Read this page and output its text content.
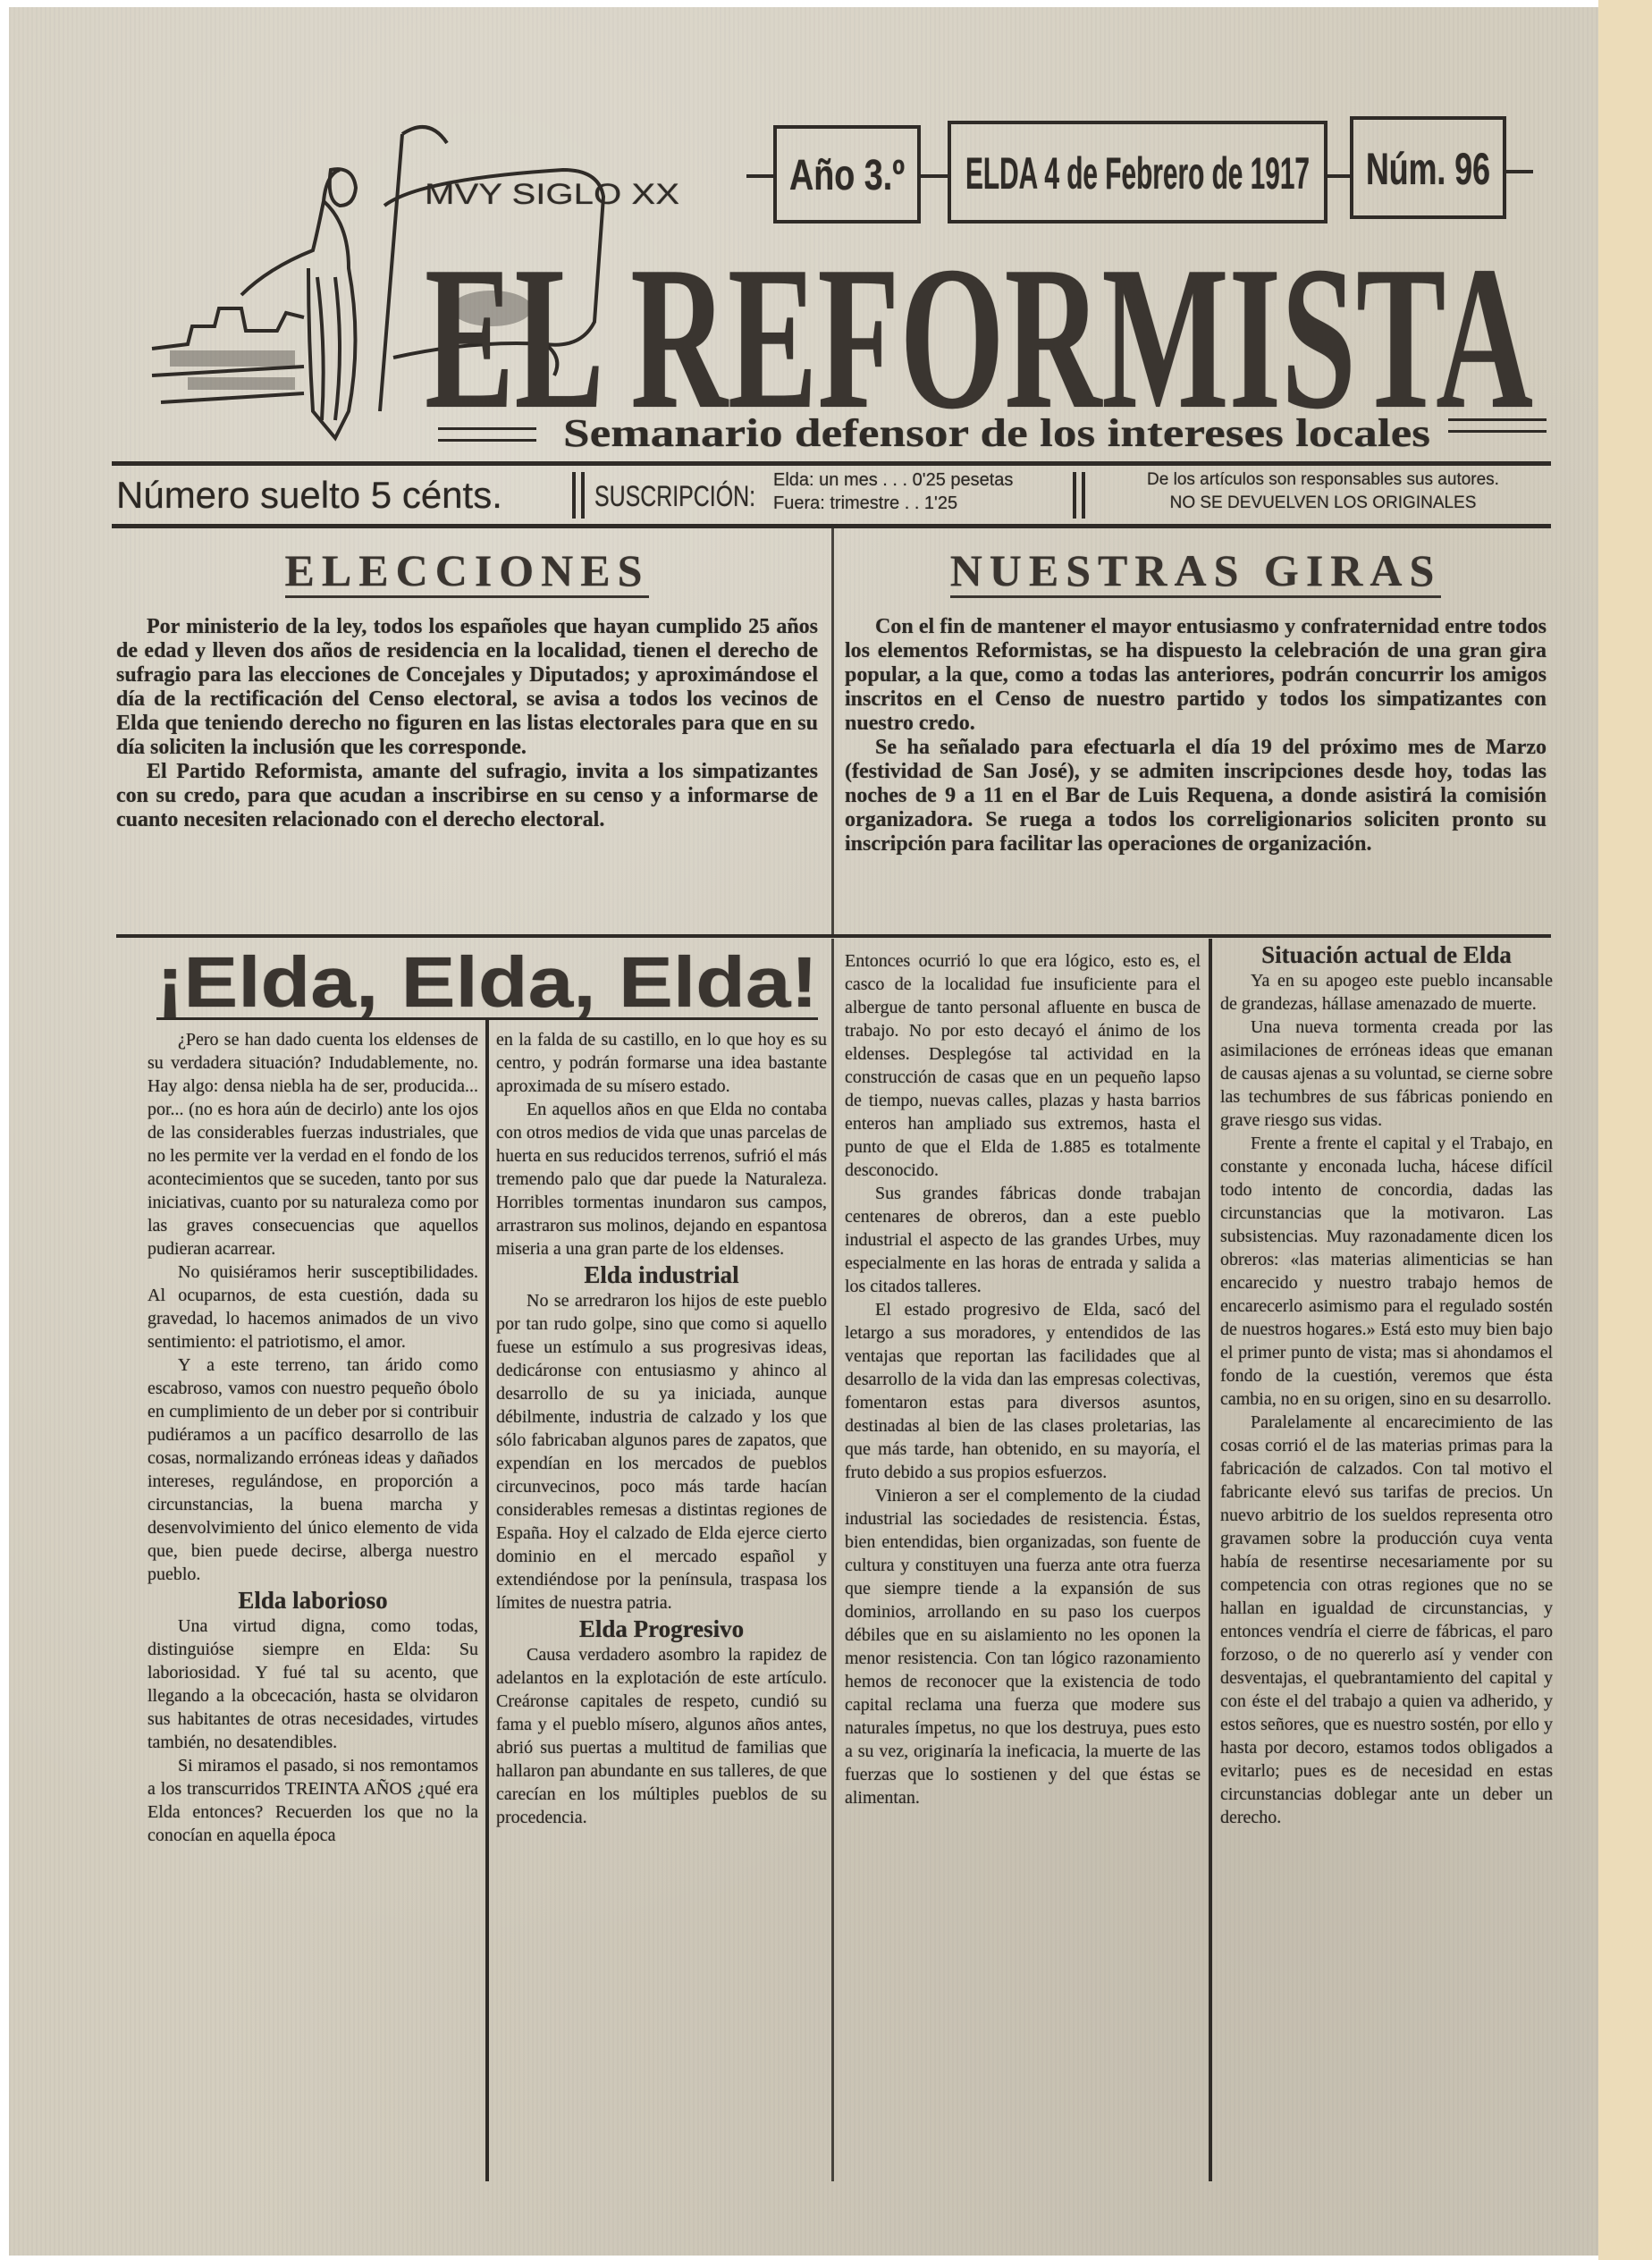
MVY SIGLO XX	Año 3.º ELDA 4 de Febrero de 1917 Núm. 96
EL REFORMISTA
Semanario defensor de los intereses locales
Número suelto 5 cénts.	SUSCRIPCIÓN: Elda: un mes . . . 0'25 pesetas
Fuera: trimestre . . 1'25
De los artículos son responsables sus autores.
NO SE DEVUELVEN LOS ORIGINALES
ELECCIONES

Por ministerio de la ley, todos los españoles que hayan cumplido 25 años de edad y lleven dos años de residencia en la localidad, tienen el derecho de sufragio para las elecciones de Concejales y Diputados; y aproximándose el día de la rectificación del Censo electoral, se avisa a todos los vecinos de Elda que teniendo derecho no figuren en las listas electorales para que en su día soliciten la inclusión que les corresponde.

El Partido Reformista, amante del sufragio, invita a los simpatizantes con su credo, para que acudan a inscribirse en su censo y a informarse de cuanto necesiten relacionado con el derecho electoral.

NUESTRAS GIRAS

Con el fin de mantener el mayor entusiasmo y confraternidad entre todos los elementos Reformistas, se ha dispuesto la celebración de una gran gira popular, a la que, como a todas las anteriores, podrán concurrir los amigos inscritos en el Censo de nuestro partido y todos los simpatizantes con nuestro credo.

Se ha señalado para efectuarla el día 19 del próximo mes de Marzo (festividad de San José), y se admiten inscripciones desde hoy, todas las noches de 9 a 11 en el Bar de Luis Requena, a donde asistirá la comisión organizadora. Se ruega a todos los correligionarios soliciten pronto su inscripción para facilitar las operaciones de organización.

¡Elda, Elda, Elda!

¿Pero se han dado cuenta los eldenses de su verdadera situación? Indudablemente, no. Hay algo: densa niebla ha de ser, producida... por... (no es hora aún de decirlo) ante los ojos de las considerables fuerzas industriales, que no les permite ver la verdad en el fondo de los acontecimientos que se suceden, tanto por sus iniciativas, cuanto por su naturaleza como por las graves consecuencias que aquellos pudieran acarrear.

No quisiéramos herir susceptibilidades. Al ocuparnos, de esta cuestión, dada su gravedad, lo hacemos animados de un vivo sentimiento: el patriotismo, el amor.

Y a este terreno, tan árido como escabroso, vamos con nuestro pequeño óbolo en cumplimiento de un deber por si contribuir pudiéramos a un pacífico desarrollo de las cosas, normalizando erróneas ideas y dañados intereses, regulándose, en proporción a circunstancias, la buena marcha y desenvolvimiento del único elemento de vida que, bien puede decirse, alberga nuestro pueblo.

Elda laborioso

Una virtud digna, como todas, distinguióse siempre en Elda: Su laboriosidad. Y fué tal su acento, que llegando a la obcecación, hasta se olvidaron sus habitantes de otras necesidades, virtudes también, no desatendibles.

Si miramos el pasado, si nos remontamos a los transcurridos TREINTA AÑOS ¿qué era Elda entonces? Recuerden los que no la conocían en aquella época

en la falda de su castillo, en lo que hoy es su centro, y podrán formarse una idea bastante aproximada de su mísero estado.

En aquellos años en que Elda no contaba con otros medios de vida que unas parcelas de huerta en sus reducidos terrenos, sufrió el más tremendo palo que dar puede la Naturaleza. Horribles tormentas inundaron sus campos, arrastraron sus molinos, dejando en espantosa miseria a una gran parte de los eldenses.

Elda industrial

No se arredraron los hijos de este pueblo por tan rudo golpe, sino que como si aquello fuese un estímulo a sus progresivas ideas, dedicáronse con entusiasmo y ahinco al desarrollo de su ya iniciada, aunque débilmente, industria de calzado y los que sólo fabricaban algunos pares de zapatos, que expendían en los mercados de pueblos circunvecinos, poco más tarde hacían considerables remesas a distintas regiones de España. Hoy el calzado de Elda ejerce cierto dominio en el mercado español y extendiéndose por la península, traspasa los límites de nuestra patria.

Elda Progresivo

Causa verdadero asombro la rapidez de adelantos en la explotación de este artículo. Creáronse capitales de respeto, cundió su fama y el pueblo mísero, algunos años antes, abrió sus puertas a multitud de familias que hallaron pan abundante en sus talleres, de que carecían en los múltiples pueblos de su procedencia.

Entonces ocurrió lo que era lógico, esto es, el casco de la localidad fue insuficiente para el albergue de tanto personal afluente en busca de trabajo. No por esto decayó el ánimo de los eldenses. Desplegóse tal actividad en la construcción de casas que en un pequeño lapso de tiempo, nuevas calles, plazas y hasta barrios enteros han ampliado sus extremos, hasta el punto de que el Elda de 1.885 es totalmente desconocido.

Sus grandes fábricas donde trabajan centenares de obreros, dan a este pueblo industrial el aspecto de las grandes Urbes, muy especialmente en las horas de entrada y salida a los citados talleres.

El estado progresivo de Elda, sacó del letargo a sus moradores, y entendidos de las ventajas que reportan las facilidades que al desarrollo de la vida dan las empresas colectivas, fomentaron estas para diversos asuntos, destinadas al bien de las clases proletarias, las que más tarde, han obtenido, en su mayoría, el fruto debido a sus propios esfuerzos.

Vinieron a ser el complemento de la ciudad industrial las sociedades de resistencia. Éstas, bien entendidas, bien organizadas, son fuente de cultura y constituyen una fuerza ante otra fuerza que siempre tiende a la expansión de sus dominios, arrollando en su paso los cuerpos débiles que en su aislamiento no les oponen la menor resistencia. Con tan lógico razonamiento hemos de reconocer que la existencia de todo capital reclama una fuerza que modere sus naturales ímpetus, no que los destruya, pues esto a su vez, originaría la ineficacia, la muerte de las fuerzas que lo sostienen y del que éstas se alimentan.

Situación actual de Elda

Ya en su apogeo este pueblo incansable de grandezas, hállase amenazado de muerte.

Una nueva tormenta creada por las asimilaciones de erróneas ideas que emanan de causas ajenas a su voluntad, se cierne sobre las techumbres de sus fábricas poniendo en grave riesgo sus vidas.

Frente a frente el capital y el Trabajo, en constante y enconada lucha, hácese difícil todo intento de concordia, dadas las circunstancias que la motivaron. Las subsistencias. Muy razonadamente dicen los obreros: «las materias alimenticias se han encarecido y nuestro trabajo hemos de encarecerlo asimismo para el regulado sostén de nuestros hogares.» Está esto muy bien bajo el primer punto de vista; mas si ahondamos el fondo de la cuestión, veremos que ésta cambia, no en su origen, sino en su desarrollo.

Paralelamente al encarecimiento de las cosas corrió el de las materias primas para la fabricación de calzados. Con tal motivo el fabricante elevó sus tarifas de precios. Un nuevo arbitrio de los sueldos representa otro gravamen sobre la producción cuya venta había de resentirse necesariamente por su competencia con otras regiones que no se hallan en igualdad de circunstancias, y entonces vendría el cierre de fábricas, el paro forzoso, o de no quererlo así y vender con desventajas, el quebrantamiento del capital y con éste el del trabajo a quien va adherido, y estos señores, que es nuestro sostén, por ello y hasta por decoro, estamos todos obligados a evitarlo; pues es de necesidad en estas circunstancias doblegar ante un deber un derecho.
